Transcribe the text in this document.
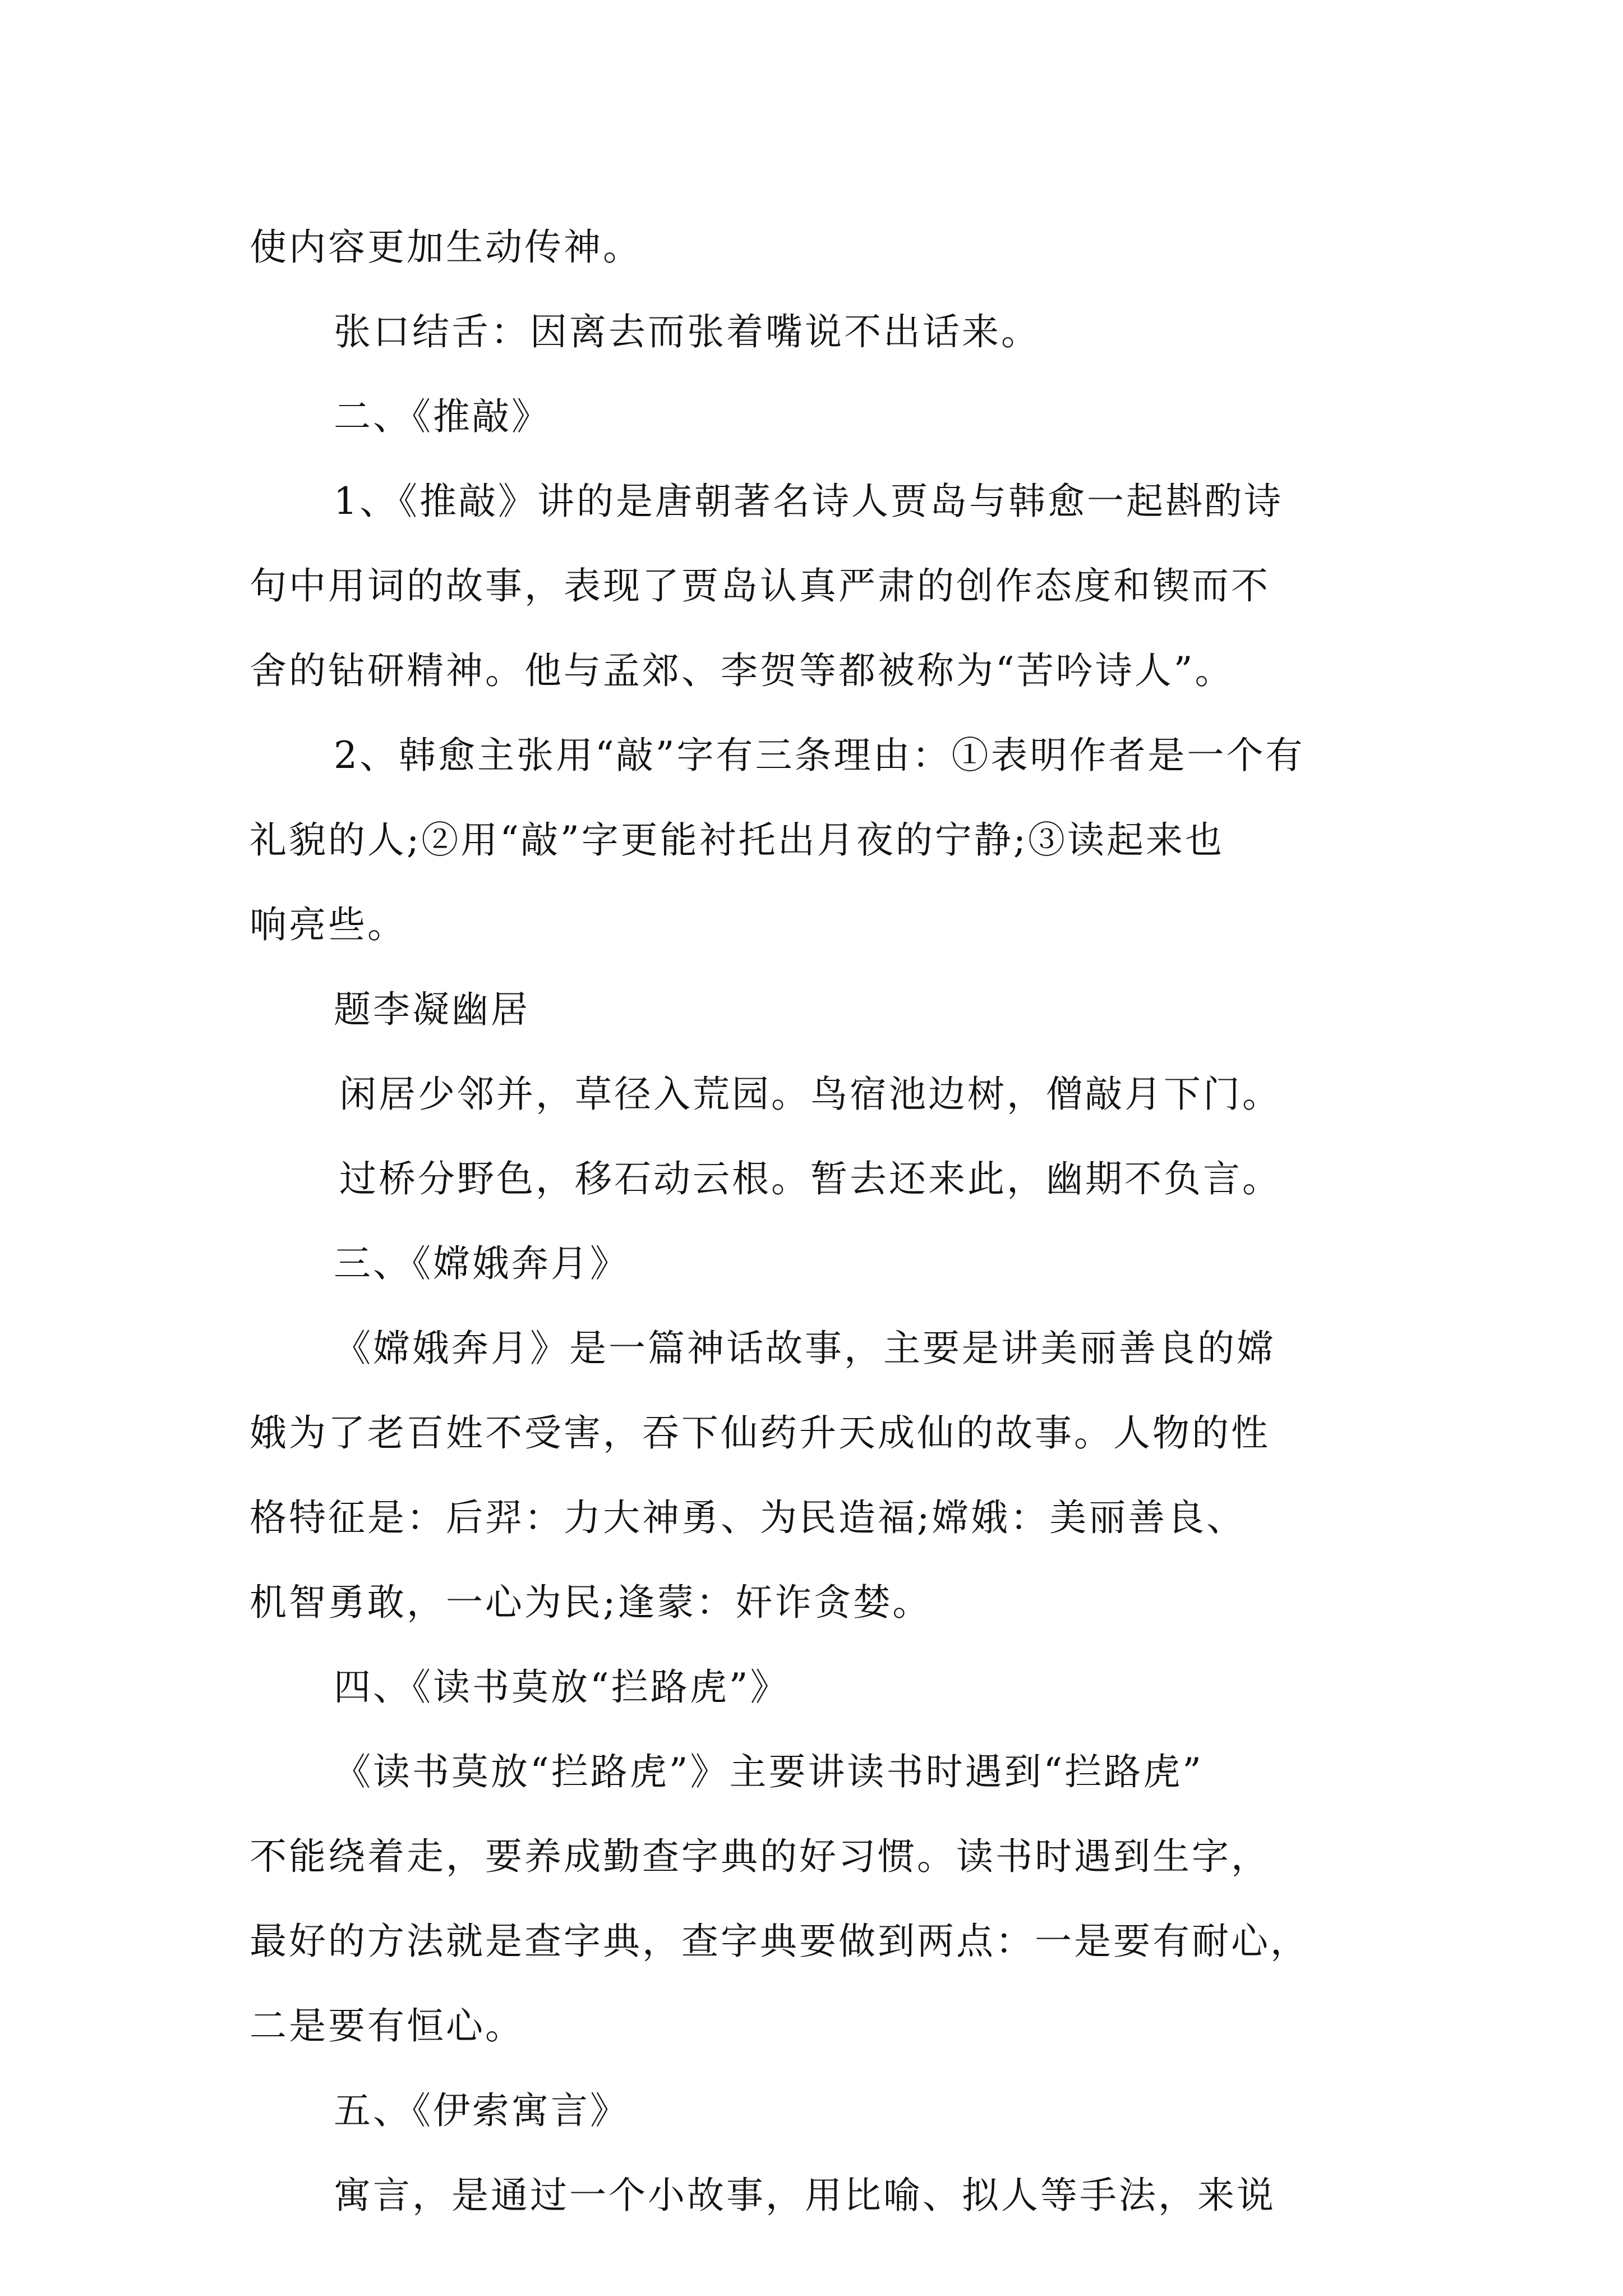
使内容更加生动传神。
张口结舌：因离去而张着嘴说不出话来。
二、《推敲》
1、《推敲》讲的是唐朝著名诗人贾岛与韩愈一起斟酌诗
句中用词的故事，表现了贾岛认真严肃的创作态度和锲而不
舍的钻研精神。他与孟郊、李贺等都被称为“苦吟诗人”。
2、韩愈主张用“敲”字有三条理由：①表明作者是一个有
礼貌的人;②用“敲”字更能衬托出月夜的宁静;③读起来也
响亮些。
题李凝幽居
闲居少邻并，草径入荒园。鸟宿池边树，僧敲月下门。
过桥分野色，移石动云根。暂去还来此，幽期不负言。
三、《嫦娥奔月》
《嫦娥奔月》是一篇神话故事，主要是讲美丽善良的嫦
娥为了老百姓不受害，吞下仙药升天成仙的故事。人物的性
格特征是：后羿：力大神勇、为民造福;嫦娥：美丽善良、
机智勇敢，一心为民;逢蒙：奸诈贪婪。
四、《读书莫放“拦路虎”》
《读书莫放“拦路虎”》主要讲读书时遇到“拦路虎”
不能绕着走，要养成勤查字典的好习惯。读书时遇到生字，
最好的方法就是查字典，查字典要做到两点：一是要有耐心，
二是要有恒心。
五、《伊索寓言》
寓言，是通过一个小故事，用比喻、拟人等手法，来说
